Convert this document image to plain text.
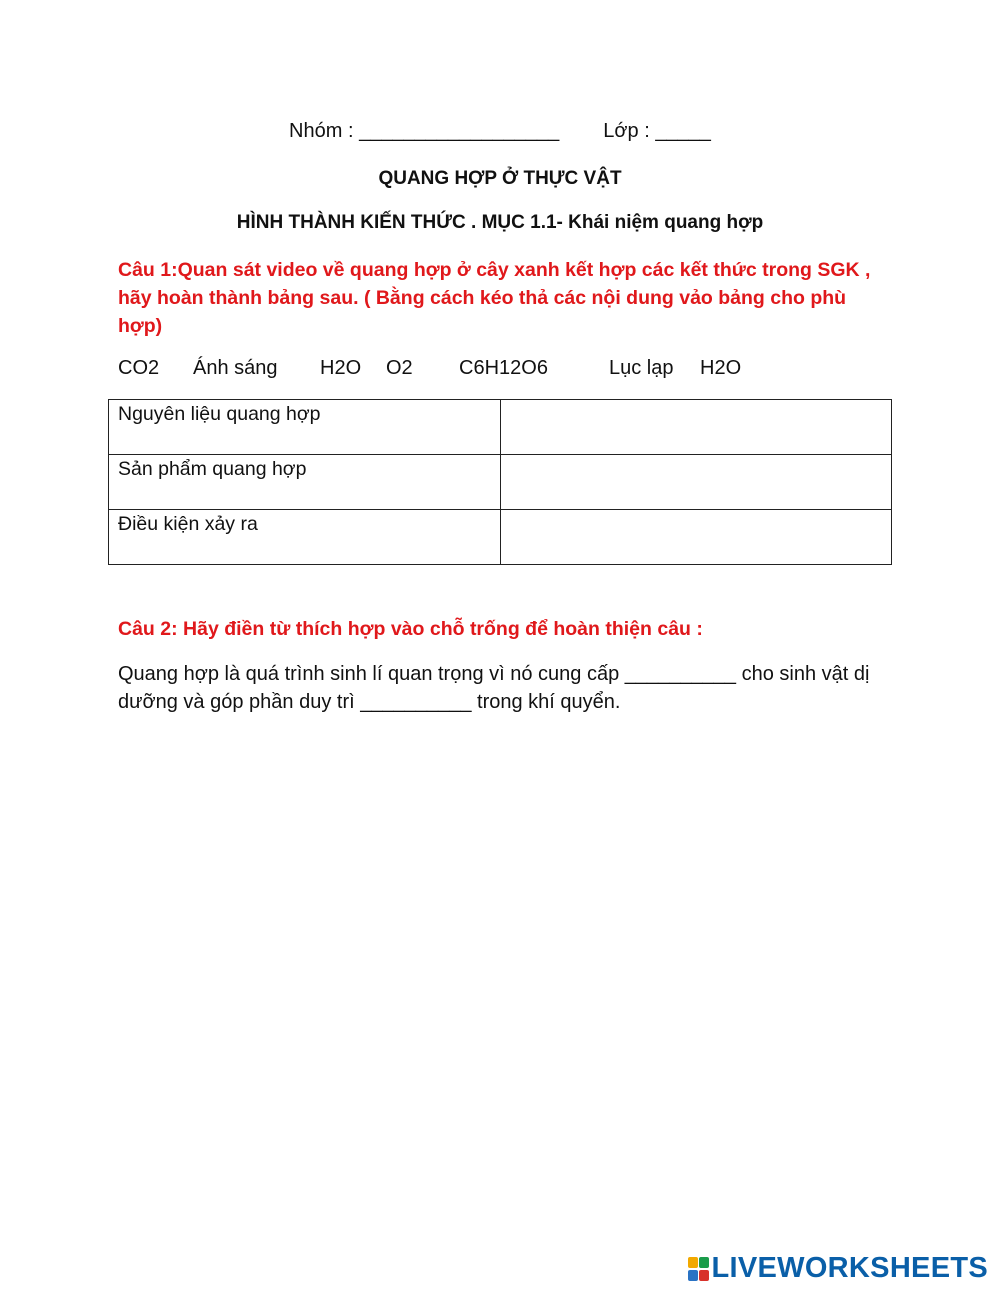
Nhóm : __________________ Lớp : _____
QUANG HỢP Ở THỰC VẬT
HÌNH THÀNH KIẾN THỨC . MỤC 1.1- Khái niệm quang hợp
Câu 1:Quan sát video về quang hợp ở cây xanh kết hợp các kết thức trong SGK ,
hãy hoàn thành bảng sau. ( Bằng cách kéo thả các nội dung vảo bảng cho phù
hợp)
CO2 Ánh sáng H2O O2 C6H12O6	Lục lạp H2O
Nguyên liệu quang hợp	
Sản phẩm quang hợp	
Điều kiện xảy ra	
Câu 2: Hãy điền từ thích hợp vào chỗ trống để hoàn thiện câu :
Quang hợp là quá trình sinh lí quan trọng vì nó cung cấp __________ cho sinh vật dị dưỡng và góp phần duy trì __________ trong khí quyển.
LIVEWORKSHEETS
